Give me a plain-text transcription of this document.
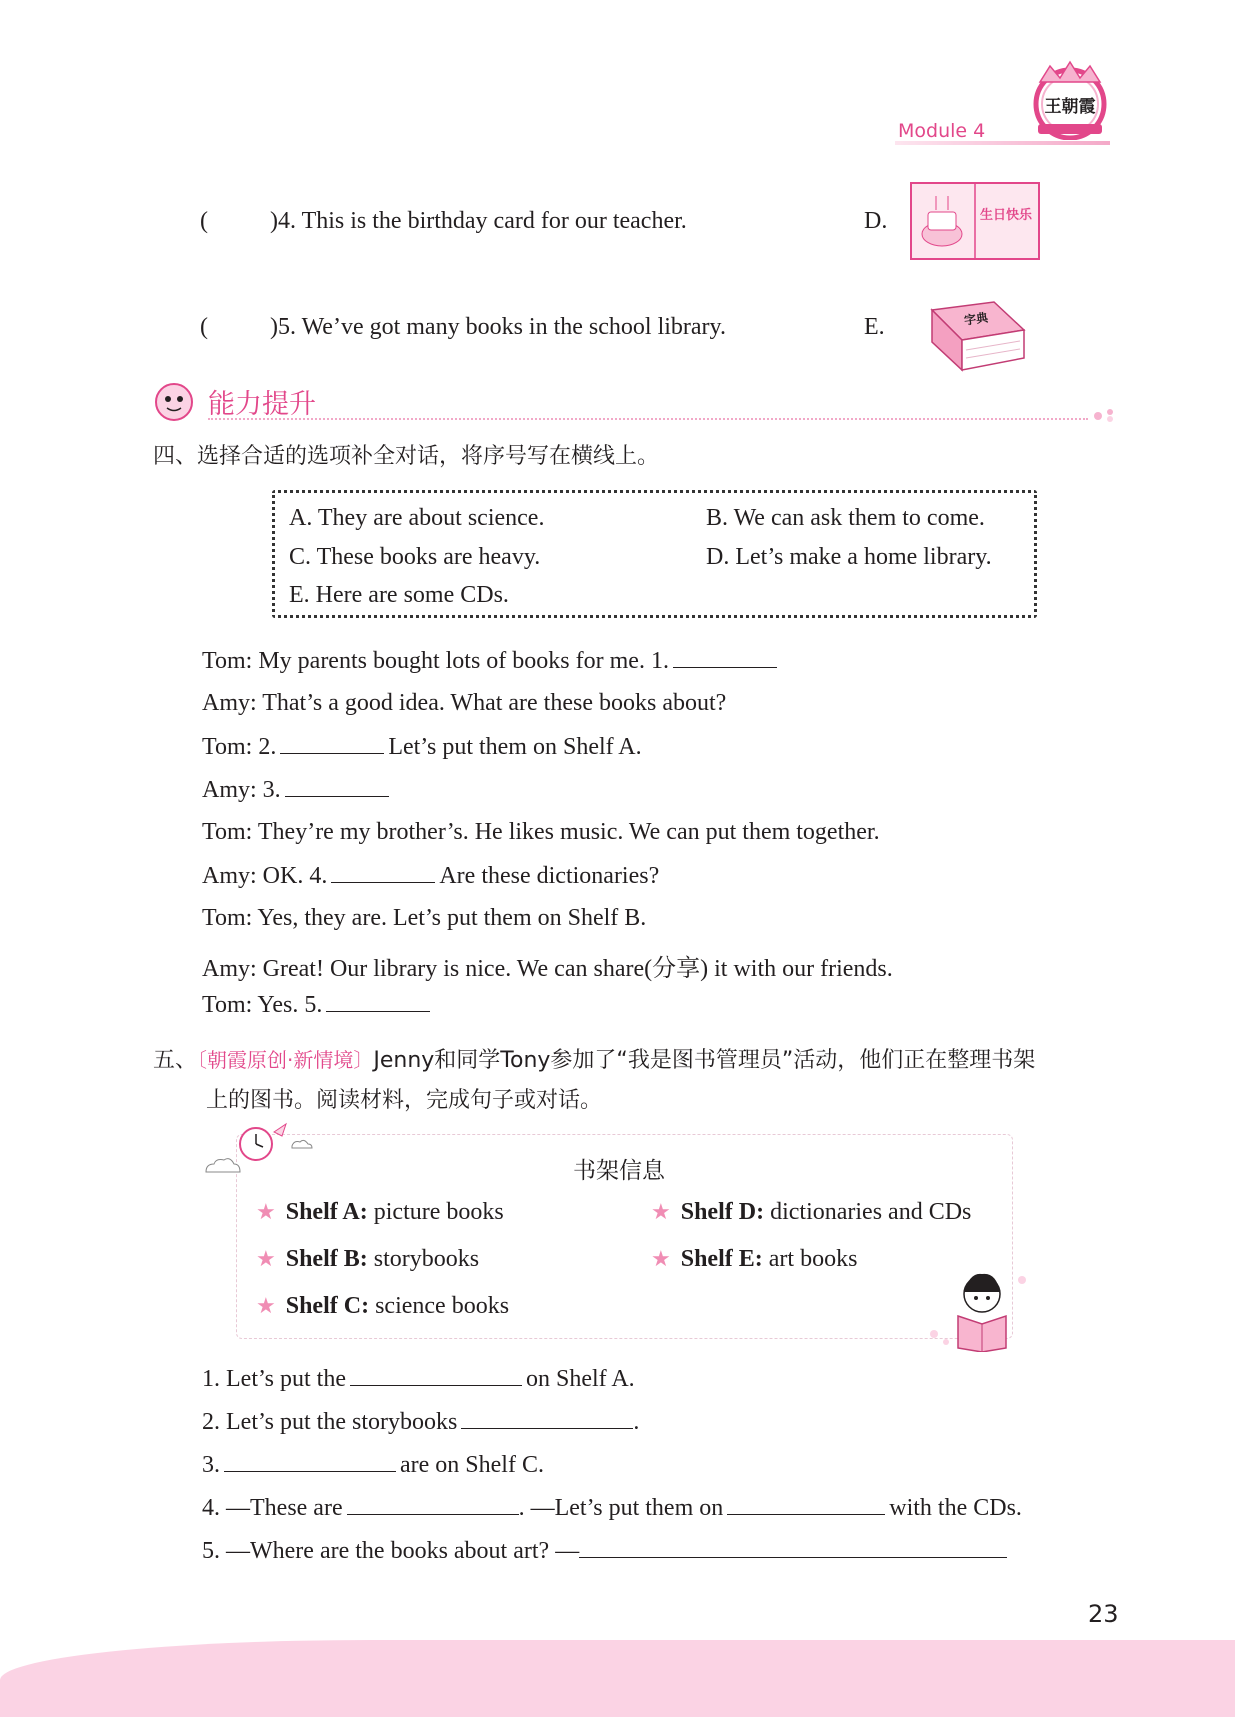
王朝霞
Module 4
(	)4. This is the birthday card for our teacher.	D.	生日快乐
(	)5. We’ve got many books in the school library.	E.	字典
能力提升
四、选择合适的选项补全对话，将序号写在横线上。
A. They are about science.	B. We can ask them to come.
C. These books are heavy.	D. Let’s make a home library.
E. Here are some CDs.
Tom: My parents bought lots of books for me. 1.
Amy: That’s a good idea. What are these books about?
Tom: 2.	Let’s put them on Shelf A.
Amy: 3.
Tom: They’re my brother’s. He likes music. We can put them together.
Amy: OK. 4.	Are these dictionaries?
Tom: Yes, they are. Let’s put them on Shelf B.
Amy: Great! Our library is nice. We can share(分享) it with our friends.
Tom: Yes. 5.
五、〔朝霞原创·新情境〕Jenny和同学Tony参加了“我是图书管理员”活动，他们正在整理书架
上的图书。阅读材料，完成句子或对话。
书架信息
★ Shelf A: picture books	★ Shelf D: dictionaries and CDs
★ Shelf B: storybooks	★ Shelf E: art books
★ Shelf C: science books
1. Let’s put the	on Shelf A.
2. Let’s put the storybooks	.
3.	are on Shelf C.
4. —These are	. —Let’s put them on	with the CDs.
5. —Where are the books about art? —
23
